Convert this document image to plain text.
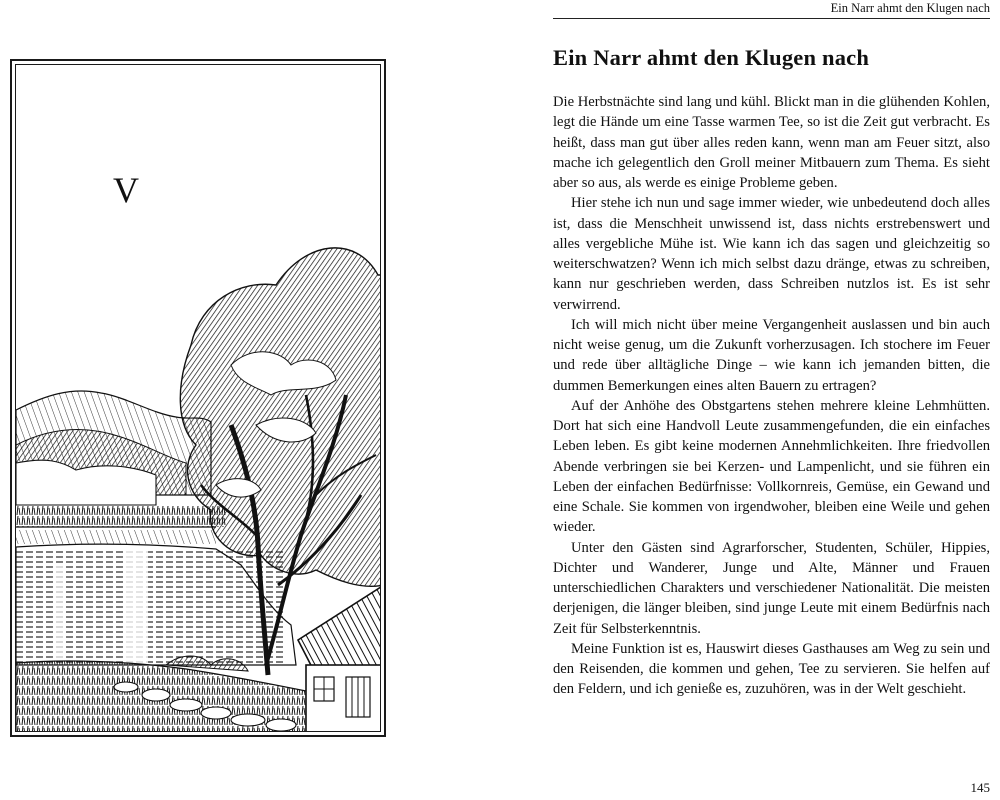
V
Ein Narr ahmt den Klugen nach
Ein Narr ahmt den Klugen nach

Die Herbstnächte sind lang und kühl. Blickt man in die glühenden Kohlen, legt die Hände um eine Tasse warmen Tee, so ist die Zeit gut verbracht. Es heißt, dass man gut über alles reden kann, wenn man am Feuer sitzt, also mache ich gelegentlich den Groll meiner Mitbauern zum Thema. Es sieht aber so aus, als werde es einige Probleme geben.

Hier stehe ich nun und sage immer wieder, wie unbedeutend doch alles ist, dass die Menschheit unwissend ist, dass nichts erstrebenswert und alles vergebliche Mühe ist. Wie kann ich das sagen und gleichzeitig so weiterschwatzen? Wenn ich mich selbst dazu dränge, etwas zu schreiben, kann nur geschrieben werden, dass Schreiben nutzlos ist. Es ist sehr verwirrend.

Ich will mich nicht über meine Vergangenheit auslassen und bin auch nicht weise genug, um die Zukunft vorherzusagen. Ich stochere im Feuer und rede über alltägliche Dinge – wie kann ich jemanden bitten, die dummen Bemerkungen eines alten Bauern zu ertragen?

Auf der Anhöhe des Obstgartens stehen mehrere kleine Lehmhütten. Dort hat sich eine Handvoll Leute zusammengefunden, die ein einfaches Leben leben. Es gibt keine modernen Annehmlichkeiten. Ihre friedvollen Abende verbringen sie bei Kerzen- und Lampenlicht, und sie führen ein Leben der einfachen Bedürfnisse: Vollkornreis, Gemüse, ein Gewand und eine Schale. Sie kommen von irgendwoher, bleiben eine Weile und gehen wieder.

Unter den Gästen sind Agrarforscher, Studenten, Schüler, Hippies, Dichter und Wanderer, Junge und Alte, Männer und Frauen unterschiedlichen Charakters und verschiedener Nationalität. Die meisten derjenigen, die länger bleiben, sind junge Leute mit einem Bedürfnis nach Zeit für Selbsterkenntnis.

Meine Funktion ist es, Hauswirt dieses Gasthauses am Weg zu sein und den Reisenden, die kommen und gehen, Tee zu servieren. Sie helfen auf den Feldern, und ich genieße es, zuzuhören, was in der Welt geschieht.

145
